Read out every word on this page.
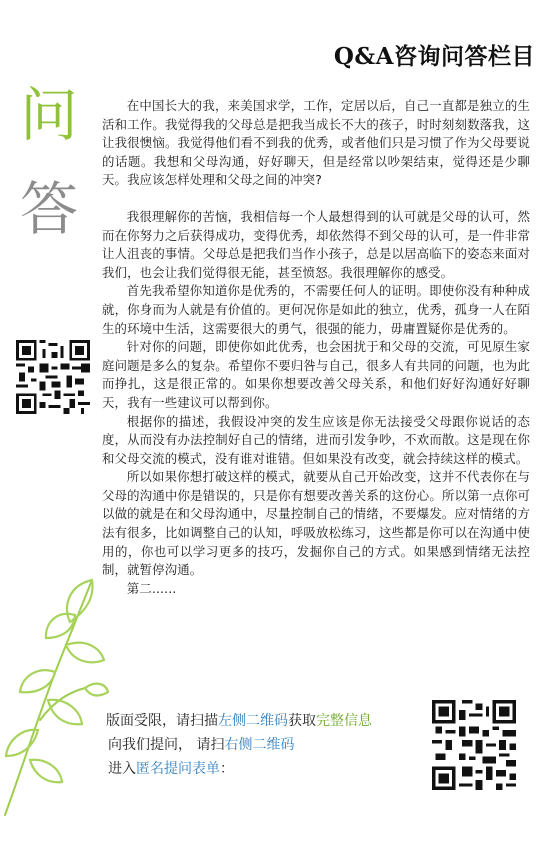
Q&A咨询问答栏目
问
答

在中国长大的我，来美国求学，工作，定居以后，自己一直都是独立的生活和工作。我觉得我的父母总是把我当成长不大的孩子，时时刻刻数落我，这让我很懊恼。我觉得他们看不到我的优秀，或者他们只是习惯了作为父母要说的话题。我想和父母沟通，好好聊天，但是经常以吵架结束，觉得还是少聊天。我应该怎样处理和父母之间的冲突?

我很理解你的苦恼，我相信每一个人最想得到的认可就是父母的认可，然而在你努力之后获得成功，变得优秀，却依然得不到父母的认可，是一件非常让人沮丧的事情。父母总是把我们当作小孩子，总是以居高临下的姿态来面对我们，也会让我们觉得很无能，甚至愤怒。我很理解你的感受。

首先我希望你知道你是优秀的，不需要任何人的证明。即使你没有种种成就，你身而为人就是有价值的。更何况你是如此的独立，优秀，孤身一人在陌生的环境中生活，这需要很大的勇气，很强的能力，毋庸置疑你是优秀的。

针对你的问题，即使你如此优秀，也会困扰于和父母的交流，可见原生家庭问题是多么的复杂。希望你不要归咎与自己，很多人有共同的问题，也为此而挣扎，这是很正常的。如果你想要改善父母关系，和他们好好沟通好好聊天，我有一些建议可以帮到你。

根据你的描述，我假设冲突的发生应该是你无法接受父母跟你说话的态度，从而没有办法控制好自己的情绪，进而引发争吵，不欢而散。这是现在你和父母交流的模式，没有谁对谁错。但如果没有改变，就会持续这样的模式。

所以如果你想打破这样的模式，就要从自己开始改变，这并不代表你在与父母的沟通中你是错误的，只是你有想要改善关系的这份心。所以第一点你可以做的就是在和父母沟通中，尽量控制自己的情绪，不要爆发。应对情绪的方法有很多，比如调整自己的认知，呼吸放松练习，这些都是你可以在沟通中使用的，你也可以学习更多的技巧，发掘你自己的方式。如果感到情绪无法控制，就暂停沟通。

第二......

版面受限，请扫描左侧二维码获取完整信息
向我们提问， 请扫右侧二维码
进入匿名提问表单：
